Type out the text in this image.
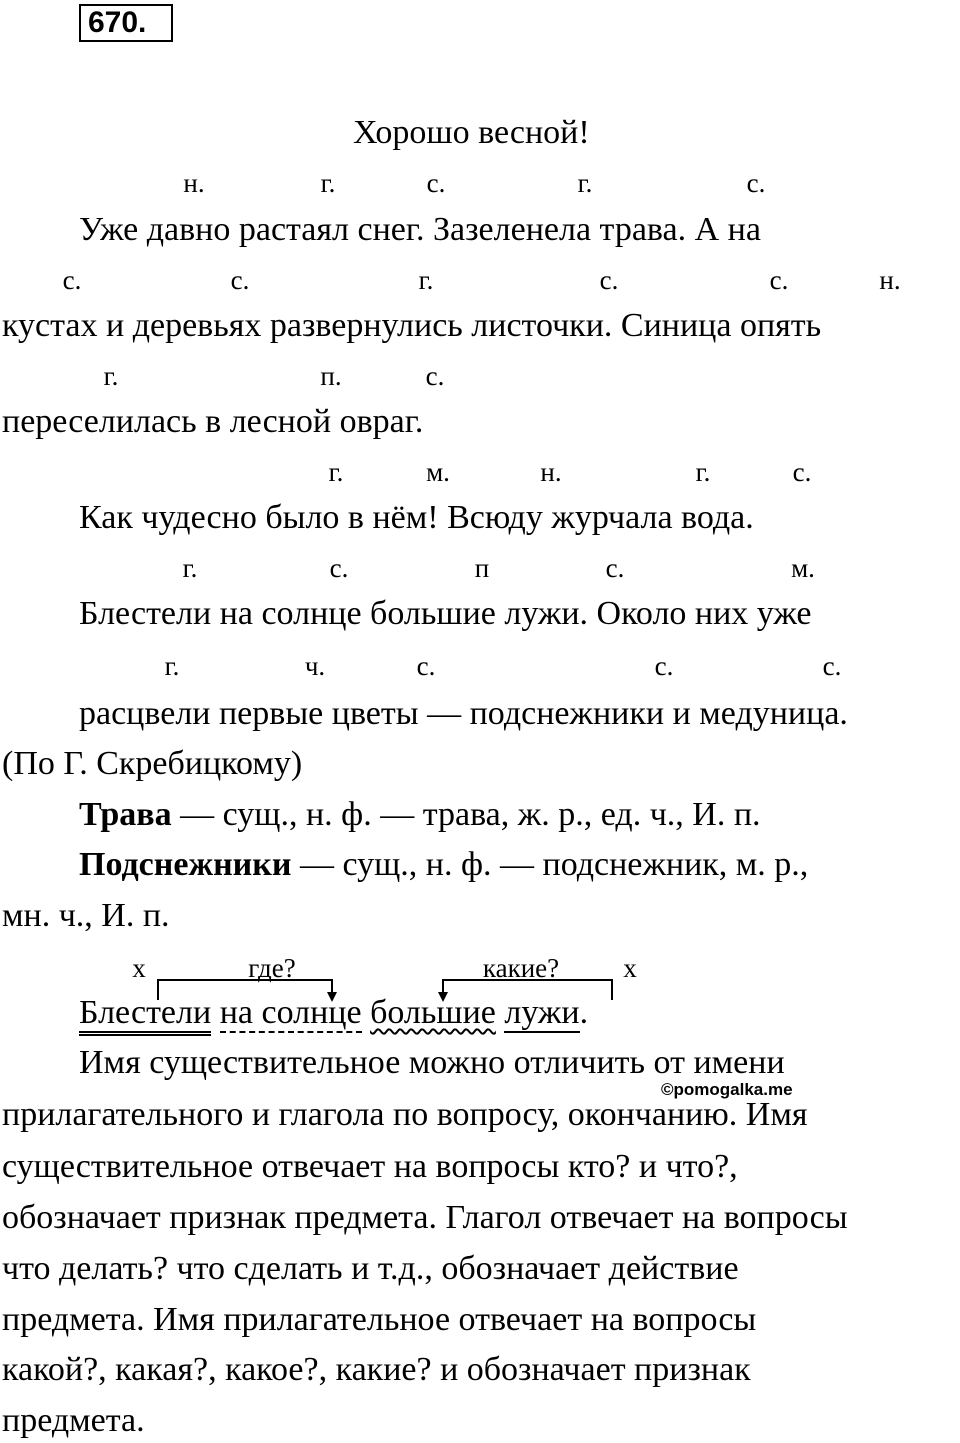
670.
Хорошо весной!
н.	г.	с.	г.	с.
Уже давно растаял снег. Зазеленела трава. А на
с.	с.	г.	с.	с.	н.
кустах и деревьях развернулись листочки. Синица опять
г.	п.	с.
переселилась в лесной овраг.
г.	м.	н.	г.	с.
Как чудесно было в нём! Всюду журчала вода.
г.	с.	п	с.	м.
Блестели на солнце большие лужи. Около них уже
г.	ч.	с.	с.	с.
расцвели первые цветы — подснежники и медуница.
(По Г. Скребицкому)
Трава — сущ., н. ф. — трава, ж. р., ед. ч., И. п.
Подснежники — сущ., н. ф. — подснежник, м. р.,
мн. ч., И. п.
х	где?	какие? х
Блестели на солнце большие лужи.
Имя существительное можно отличить от имени
©pomogalka.me
прилагательного и глагола по вопросу, окончанию. Имя
существительное отвечает на вопросы кто? и что?,
обозначает признак предмета. Глагол отвечает на вопросы
что делать? что сделать и т.д., обозначает действие
предмета. Имя прилагательное отвечает на вопросы
какой?, какая?, какое?, какие? и обозначает признак
предмета.
